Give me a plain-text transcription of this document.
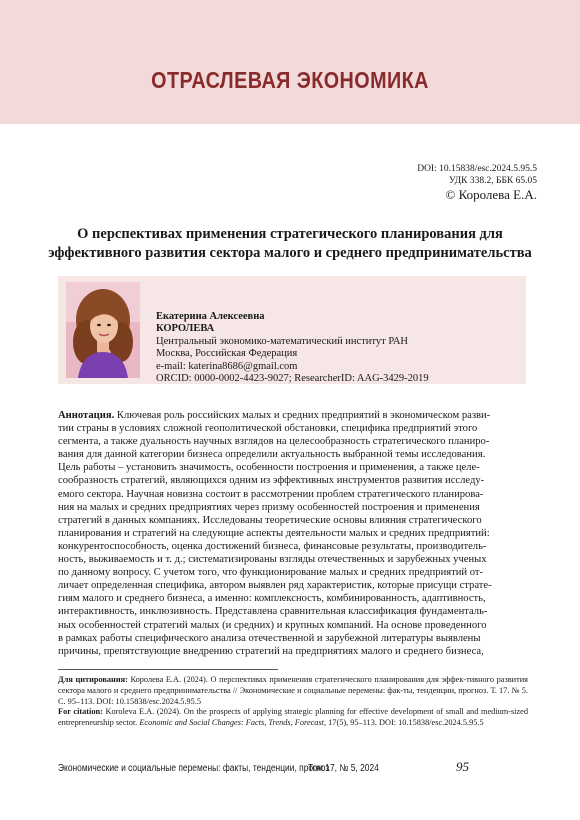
ОТРАСЛЕВАЯ ЭКОНОМИКА
DOI: 10.15838/esc.2024.5.95.5
УДК 338.2, ББК 65.05
© Королева Е.А.
О перспективах применения стратегического планирования для
эффективного развития сектора малого и среднего предпринимательства
Екатерина Алексеевна
КОРОЛЕВА
Центральный экономико-математический институт РАН
Москва, Российская Федерация
e-mail: katerina8686@gmail.com
ORCID: 0000-0002-4423-9027; ResearcherID: AAG-3429-2019
Аннотация. Ключевая роль российских малых и средних предприятий в экономическом разви-
тии страны в условиях сложной геополитической обстановки, специфика предприятий этого
сегмента, а также дуальность научных взглядов на целесообразность стратегического планиро-
вания для данной категории бизнеса определили актуальность выбранной темы исследования.
Цель работы – установить значимость, особенности построения и применения, а также целе-
сообразность стратегий, являющихся одним из эффективных инструментов развития исследу-
емого сектора. Научная новизна состоит в рассмотрении проблем стратегического планирова-
ния на малых и средних предприятиях через призму особенностей построения и применения
стратегий в данных компаниях. Исследованы теоретические основы влияния стратегического
планирования и стратегий на следующие аспекты деятельности малых и средних предприятий:
конкурентоспособность, оценка достижений бизнеса, финансовые результаты, производитель-
ность, выживаемость и т. д.; систематизированы взгляды отечественных и зарубежных ученых
по данному вопросу. С учетом того, что функционирование малых и средних предприятий от-
личает определенная специфика, автором выявлен ряд характеристик, которые присущи страте-
гиям малого и среднего бизнеса, а именно: комплексность, комбинированность, адаптивность,
интерактивность, инклюзивность. Представлена сравнительная классификация фундаменталь-
ных особенностей стратегий малых (и средних) и крупных компаний. На основе проведенного
в рамках работы специфического анализа отечественной и зарубежной литературы выявлены
причины, препятствующие внедрению стратегий на предприятиях малого и среднего бизнеса,
Для цитирования: Королева Е.А. (2024). О перспективах применения стратегического планирования для эффек-тивного развития сектора малого и среднего предпринимательства // Экономические и социальные перемены: фак-ты, тенденции, прогноз. Т. 17. № 5. С. 95–113. DOI: 10.15838/esc.2024.5.95.5
For citation: Koroleva E.A. (2024). On the prospects of applying strategic planning for effective development of small and medium-sized entrepreneurship sector. Economic and Social Changes: Facts, Trends, Forecast, 17(5), 95–113. DOI: 10.15838/esc.2024.5.95.5
Экономические и социальные перемены: факты, тенденции, прогноз
Том 17, № 5, 2024	95
